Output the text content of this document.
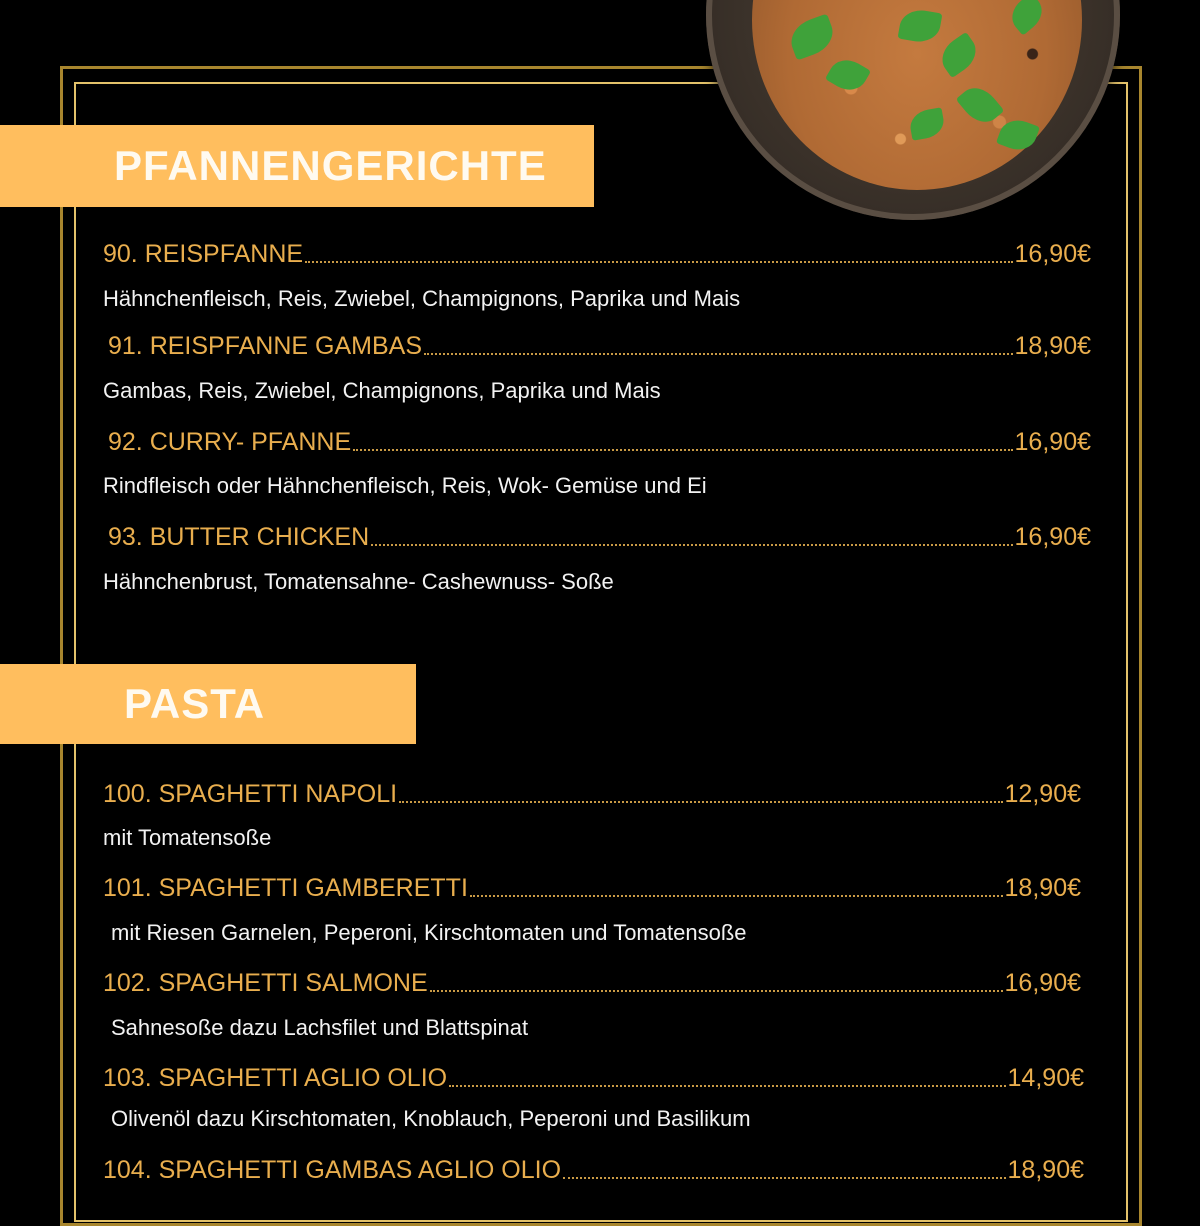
PFANNENGERICHTE
90. REISPFANNE	16,90€
Hähnchenfleisch, Reis, Zwiebel, Champignons, Paprika und Mais
91. REISPFANNE GAMBAS	18,90€
Gambas, Reis, Zwiebel, Champignons, Paprika und Mais
92. CURRY- PFANNE	16,90€
Rindfleisch oder Hähnchenfleisch, Reis, Wok- Gemüse und Ei
93. BUTTER CHICKEN	16,90€
Hähnchenbrust, Tomatensahne- Cashewnuss- Soße
PASTA
100. SPAGHETTI NAPOLI	12,90€
mit Tomatensoße
101. SPAGHETTI GAMBERETTI	18,90€
mit Riesen Garnelen, Peperoni, Kirschtomaten und Tomatensoße
102. SPAGHETTI SALMONE	16,90€
Sahnesoße dazu Lachsfilet und Blattspinat
103. SPAGHETTI AGLIO OLIO	14,90€
Olivenöl dazu Kirschtomaten, Knoblauch, Peperoni und Basilikum
104. SPAGHETTI GAMBAS AGLIO OLIO	18,90€
